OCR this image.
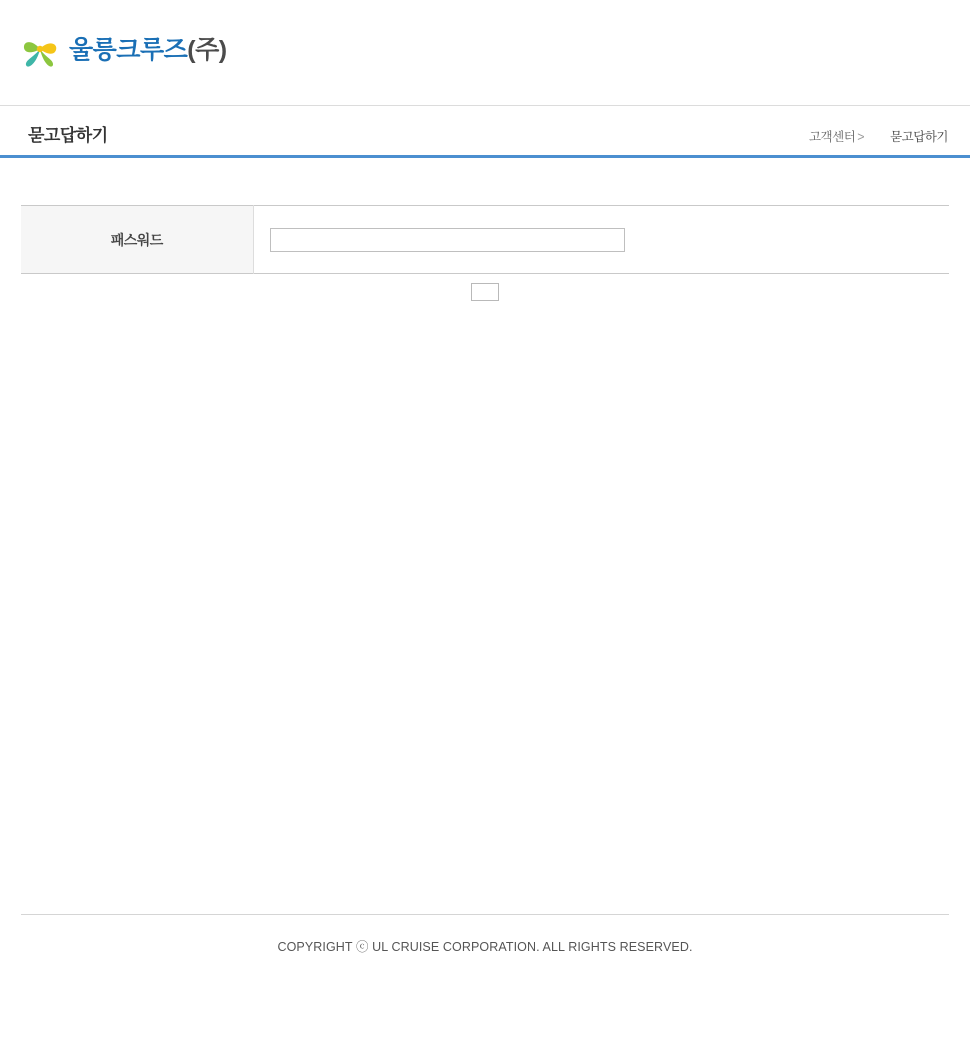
울릉크루즈(주)
묻고답하기	고객센터 > 묻고답하기
패스워드	
COPYRIGHT ⓒ UL CRUISE CORPORATION. ALL RIGHTS RESERVED.
